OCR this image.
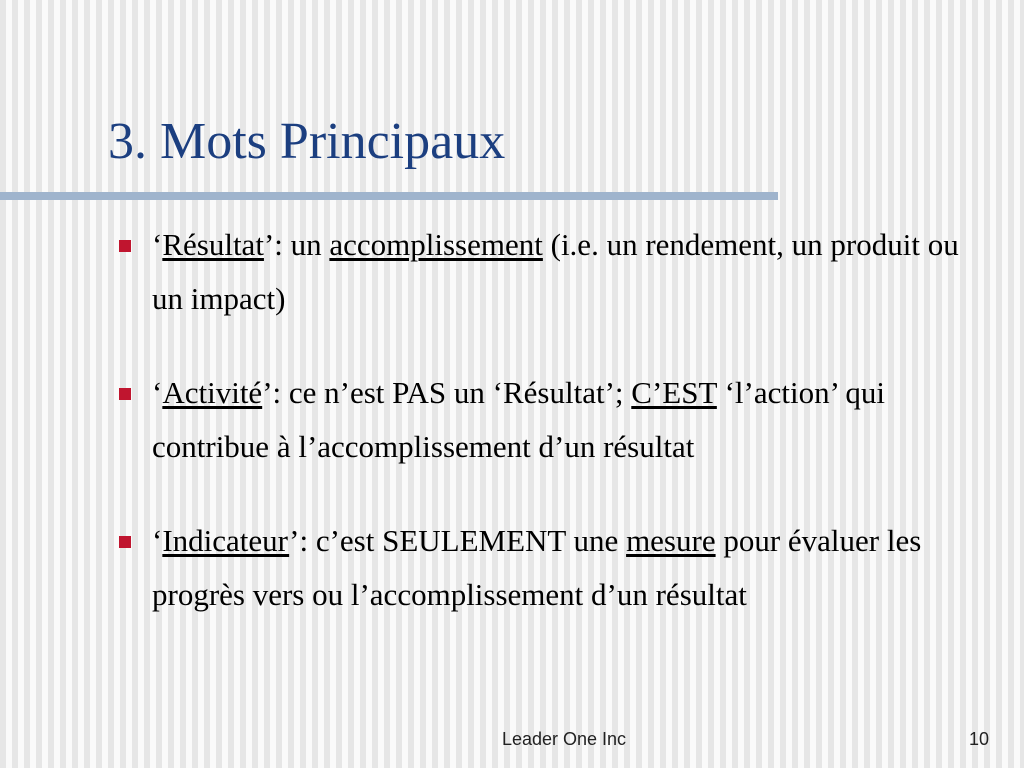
3. Mots Principaux
‘Résultat’: un accomplissement (i.e. un rendement, un produit ou un impact)
‘Activité’: ce n’est PAS un ‘Résultat’; C’EST ‘l’action’ qui contribue à l’accomplissement d’un résultat
‘Indicateur’: c’est SEULEMENT une mesure pour évaluer les progrès vers ou l’accomplissement d’un résultat
Leader One Inc	10
